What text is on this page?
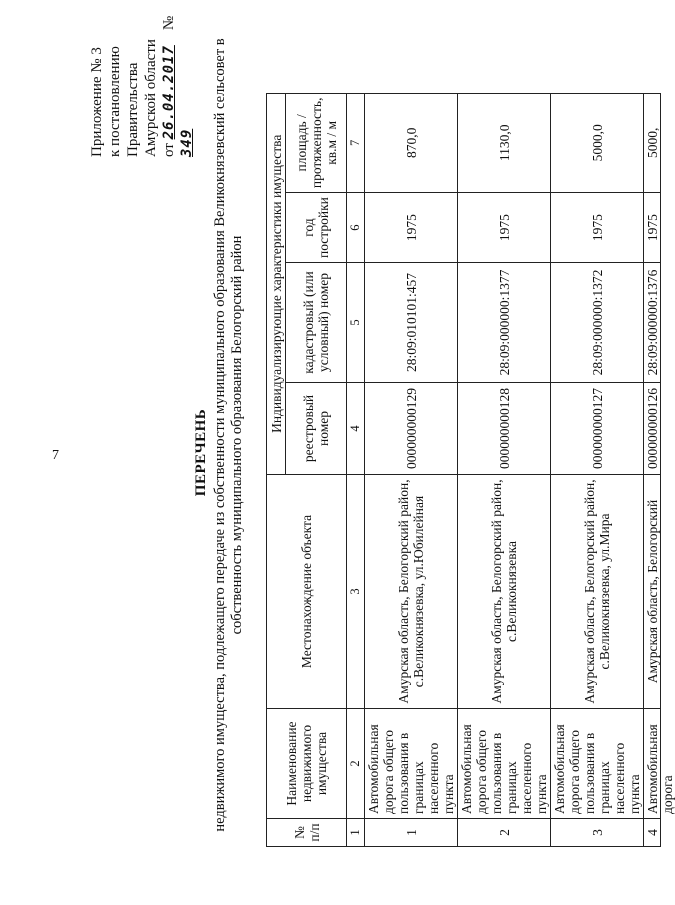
7
Приложение № 3 к постановлению Правительства Амурской области от 26.04.2017    № 349
ПЕРЕЧЕНЬ недвижимого имущества, подлежащего передаче из собственности муниципального образования Великокнязевский сельсовет в собственность муниципального образования Белогорский район
№ п/п	Наименование недвижимого имущества	Местонахождение объекта	Индивидуализирующие характеристики имущества			
			реестровый номер	кадастровый (или условный) номер	год постройки	площадь / протяженность, кв.м / м
1	2	3	4	5	6	7
1	Автомобильная дорога общего пользования в границах населенного пункта	Амурская область, Белогорский район, с.Великокнязевка, ул.Юбилейная	000000000129	28:09:010101:457	1975	870,0
2	Автомобильная дорога общего пользования в границах населенного пункта	Амурская область, Белогорский район, с.Великокнязевка	000000000128	28:09:000000:1377	1975	1130,0
3	Автомобильная дорога общего пользования в границах населенного пункта	Амурская область, Белогорский район, с.Великокнязевка, ул.Мира	000000000127	28:09:000000:1372	1975	5000,0

4	Автомобильная дорога	Амурская область, Белогорский	000000000126	28:09:000000:1376	1975	5000,
